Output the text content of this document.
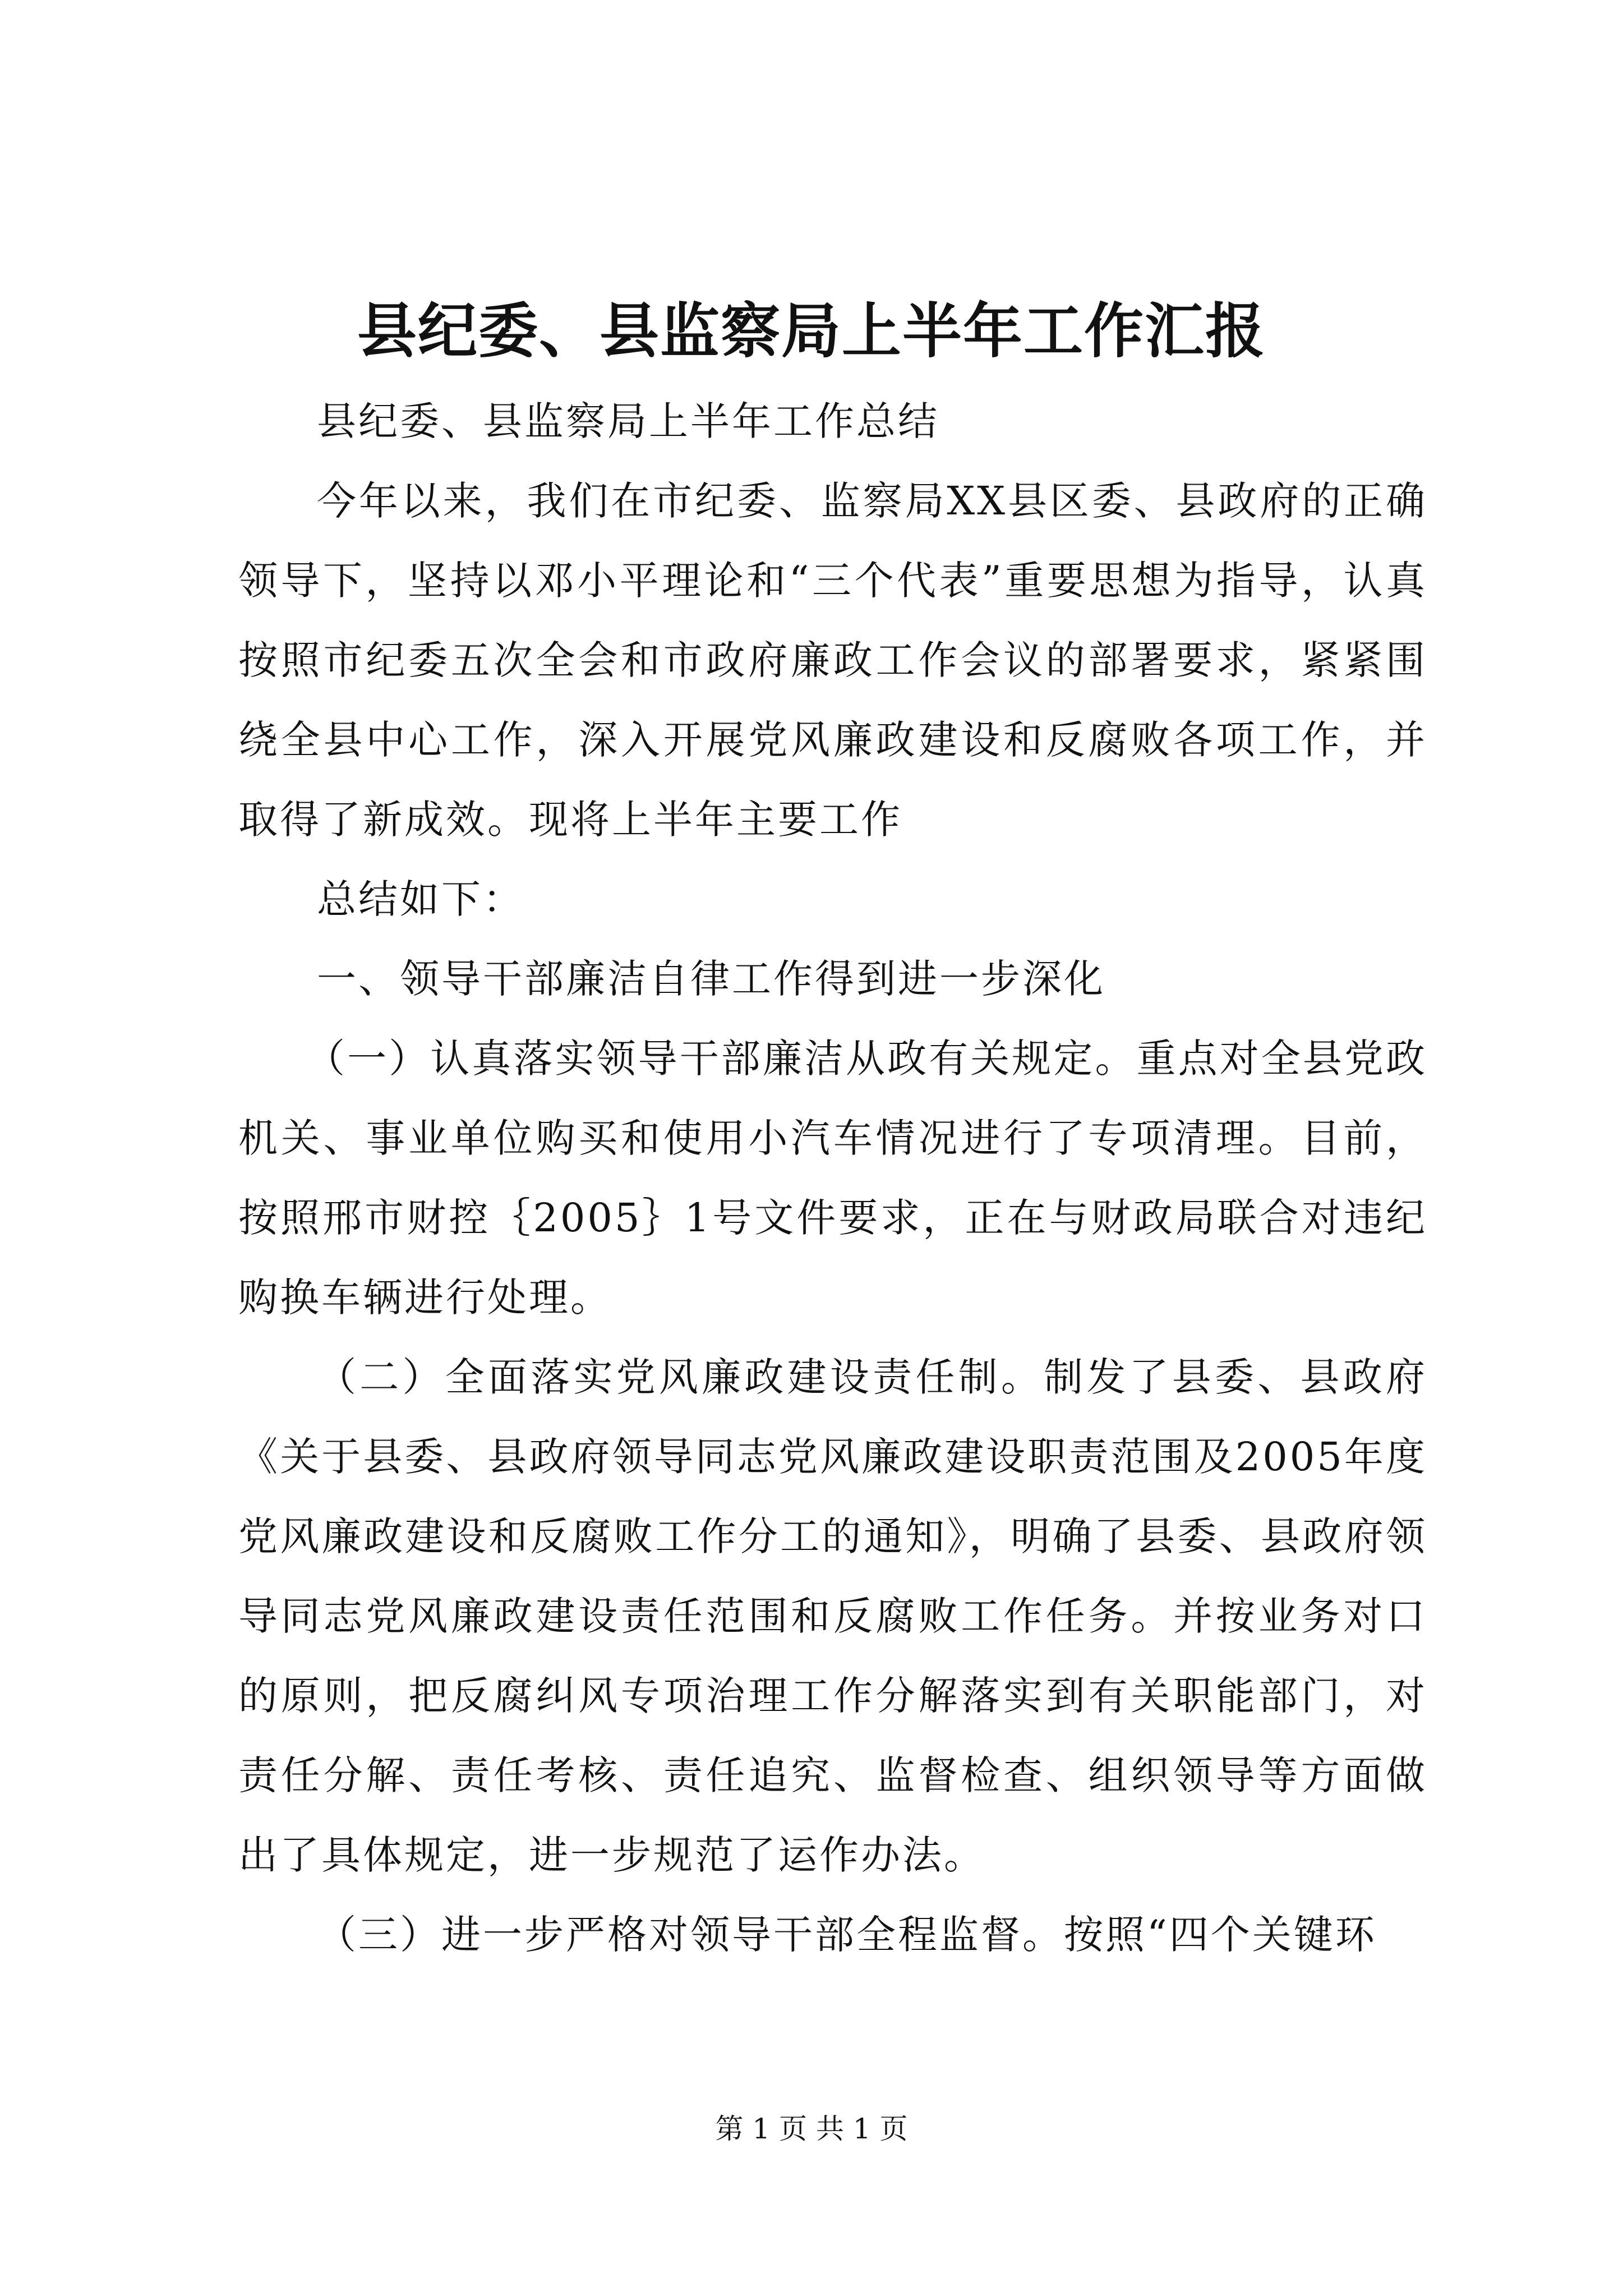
县纪委、县监察局上半年工作汇报

县纪委、县监察局上半年工作总结

今年以来，我们在市纪委、监察局XX县区委、县政府的正确领导下，坚持以邓小平理论和“三个代表”重要思想为指导，认真按照市纪委五次全会和市政府廉政工作会议的部署要求，紧紧围绕全县中心工作，深入开展党风廉政建设和反腐败各项工作，并取得了新成效。现将上半年主要工作

总结如下：

一、领导干部廉洁自律工作得到进一步深化

（一）认真落实领导干部廉洁从政有关规定。重点对全县党政机关、事业单位购买和使用小汽车情况进行了专项清理。目前，按照邢市财控｛2005｝1号文件要求，正在与财政局联合对违纪购换车辆进行处理。

（二）全面落实党风廉政建设责任制。制发了县委、县政府《关于县委、县政府领导同志党风廉政建设职责范围及2005年度党风廉政建设和反腐败工作分工的通知》，明确了县委、县政府领导同志党风廉政建设责任范围和反腐败工作任务。并按业务对口的原则，把反腐纠风专项治理工作分解落实到有关职能部门，对责任分解、责任考核、责任追究、监督检查、组织领导等方面做出了具体规定，进一步规范了运作办法。

（三）进一步严格对领导干部全程监督。按照“四个关键环

第 1 页 共 1 页
